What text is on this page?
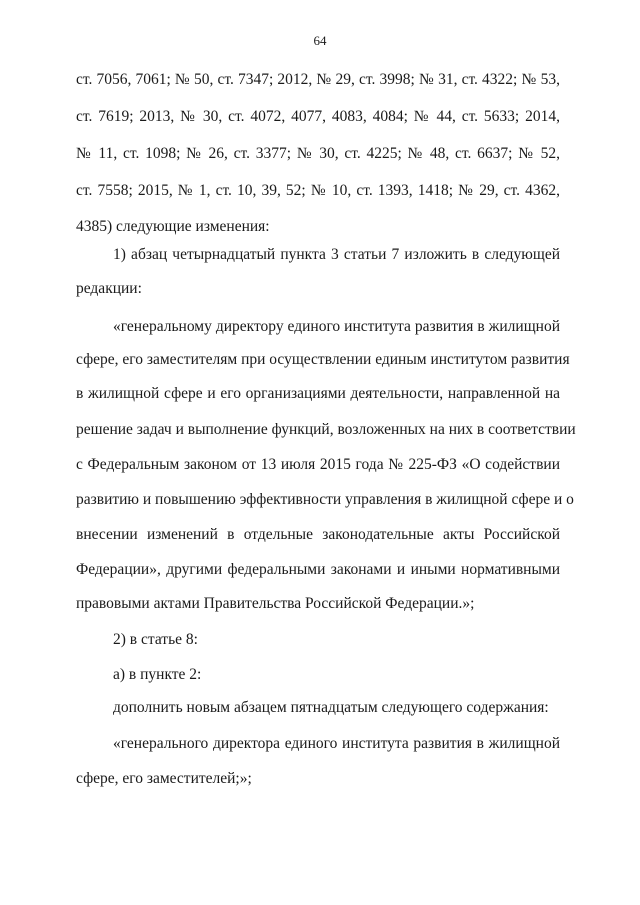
64
ст. 7056, 7061; № 50, ст. 7347; 2012, № 29, ст. 3998; № 31, ст. 4322; № 53,
ст. 7619; 2013, № 30, ст. 4072, 4077, 4083, 4084; № 44, ст. 5633; 2014,
№ 11, ст. 1098; № 26, ст. 3377; № 30, ст. 4225; № 48, ст. 6637; № 52,
ст. 7558; 2015, № 1, ст. 10, 39, 52; № 10, ст. 1393, 1418; № 29, ст. 4362,
4385) следующие изменения:
1) абзац четырнадцатый пункта 3 статьи 7 изложить в следующей
редакции:
«генеральному директору единого института развития в жилищной
сфере, его заместителям при осуществлении единым институтом развития
в жилищной сфере и его организациями деятельности, направленной на
решение задач и выполнение функций, возложенных на них в соответствии
с Федеральным законом от 13 июля 2015 года № 225-ФЗ «О содействии
развитию и повышению эффективности управления в жилищной сфере и о
внесении изменений в отдельные законодательные акты Российской
Федерации», другими федеральными законами и иными нормативными
правовыми актами Правительства Российской Федерации.»;
2) в статье 8:
а) в пункте 2:
дополнить новым абзацем пятнадцатым следующего содержания:
«генерального директора единого института развития в жилищной
сфере, его заместителей;»;
